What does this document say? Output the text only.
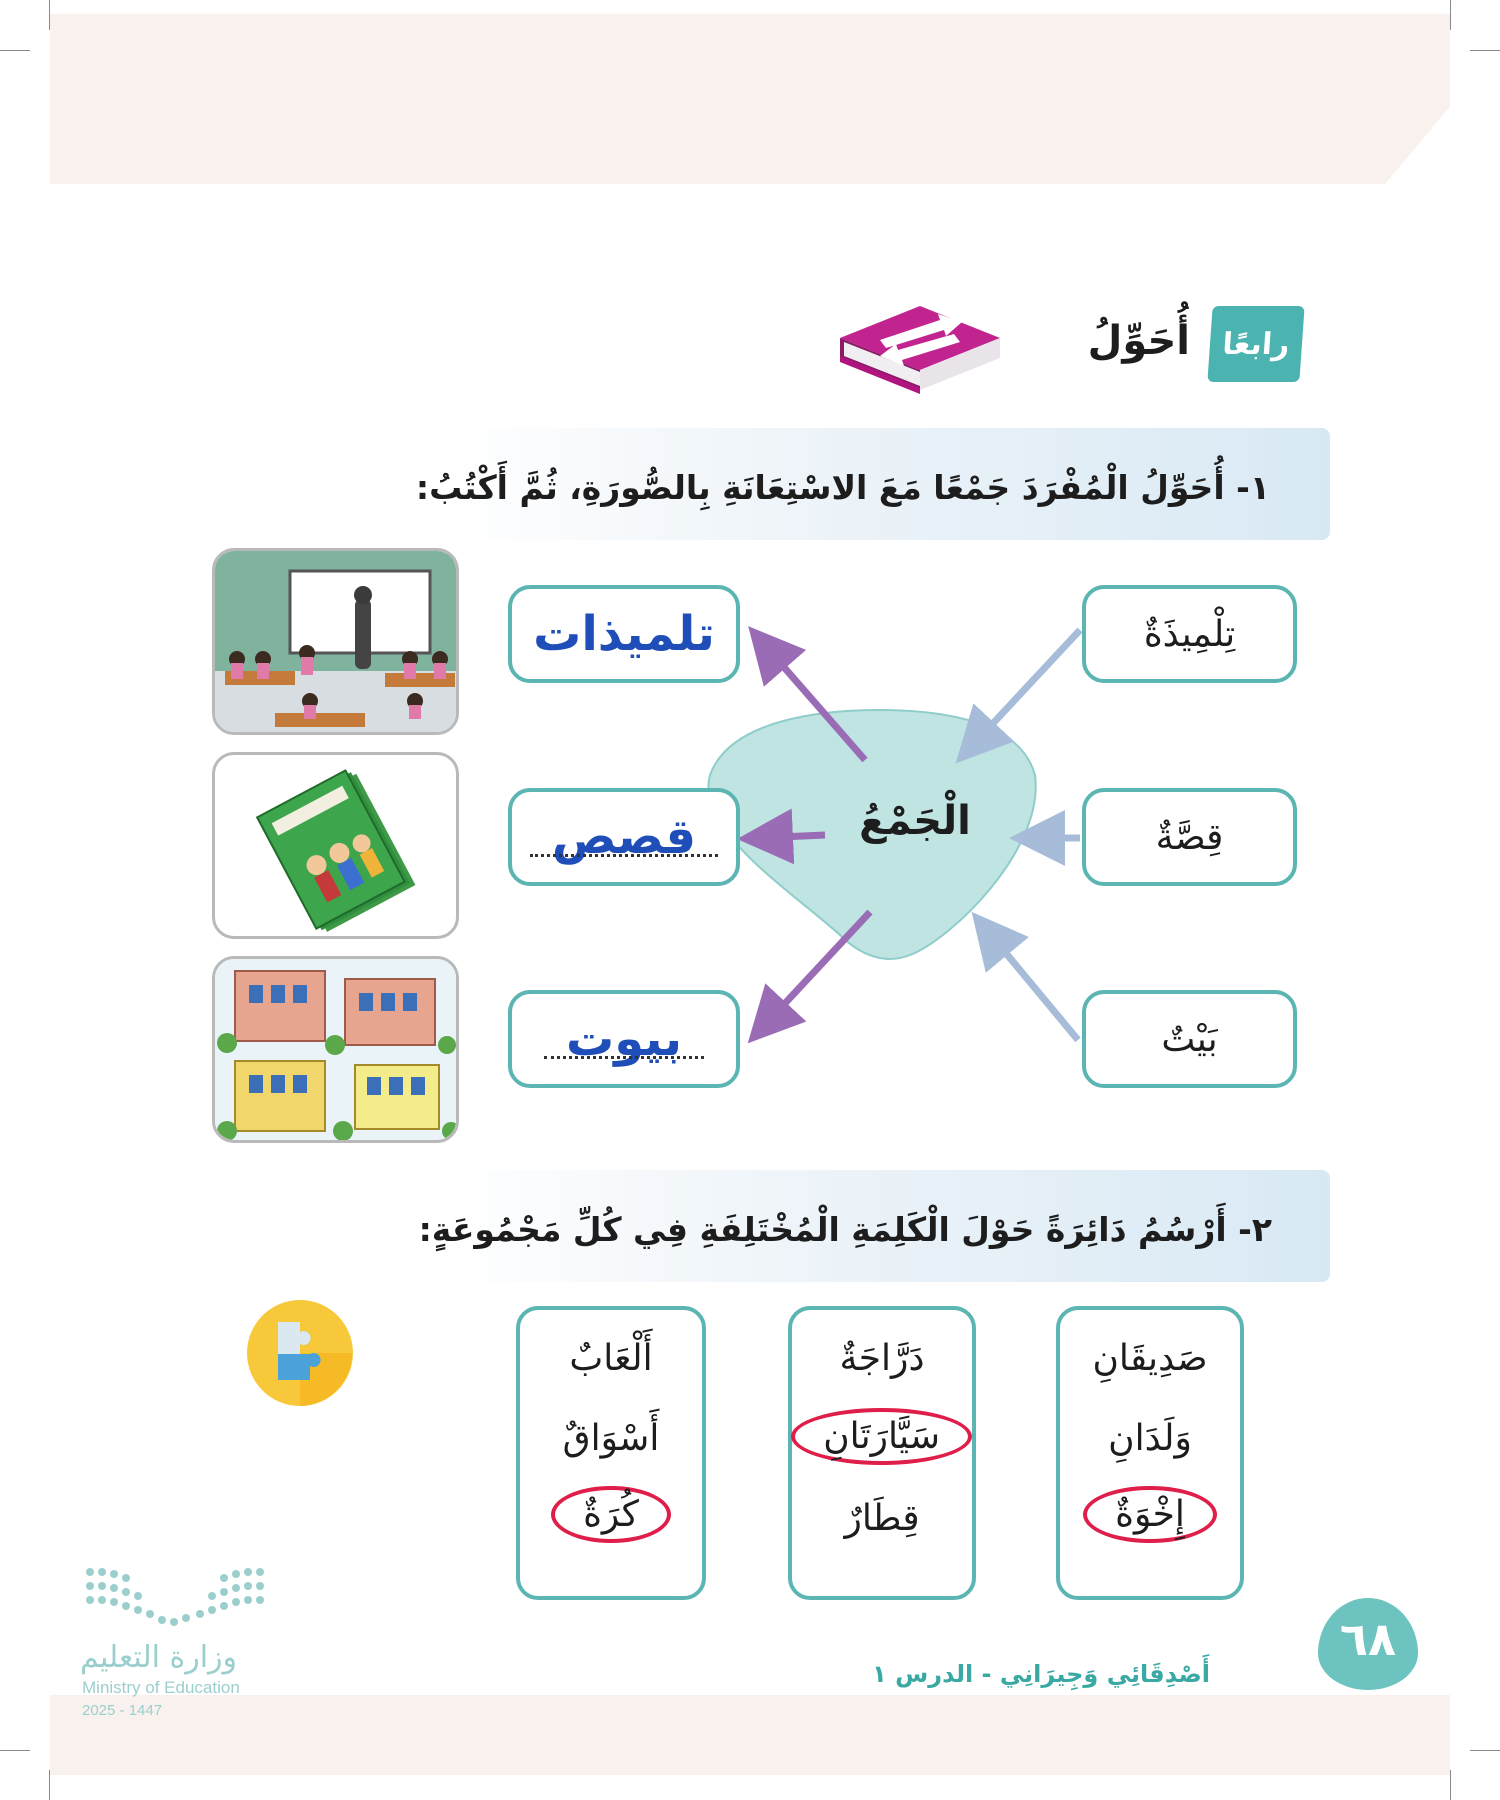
رابعًا
أُحَوِّلُ
١- أُحَوِّلُ الْمُفْرَدَ جَمْعًا مَعَ الاسْتِعَانَةِ بِالصُّورَةِ، ثُمَّ أَكْتُبُ:
الْجَمْعُ
تِلْمِيذَةٌ
قِصَّةٌ
بَيْتٌ
تلميذات
قصص
بيوت
٢- أَرْسُمُ دَائِرَةً حَوْلَ الْكَلِمَةِ الْمُخْتَلِفَةِ فِي كُلِّ مَجْمُوعَةٍ:
صَدِيقَانِ
وَلَدَانِ
إِخْوَةٌ
دَرَّاجَةٌ
سَيَّارَتَانِ
قِطَارٌ
أَلْعَابٌ
أَسْوَاقٌ
كُرَةٌ
٦٨
أَصْدِقَائِي وَجِيرَانِي - الدرس ١
وزارة التعليم
Ministry of Education
2025 - 1447
